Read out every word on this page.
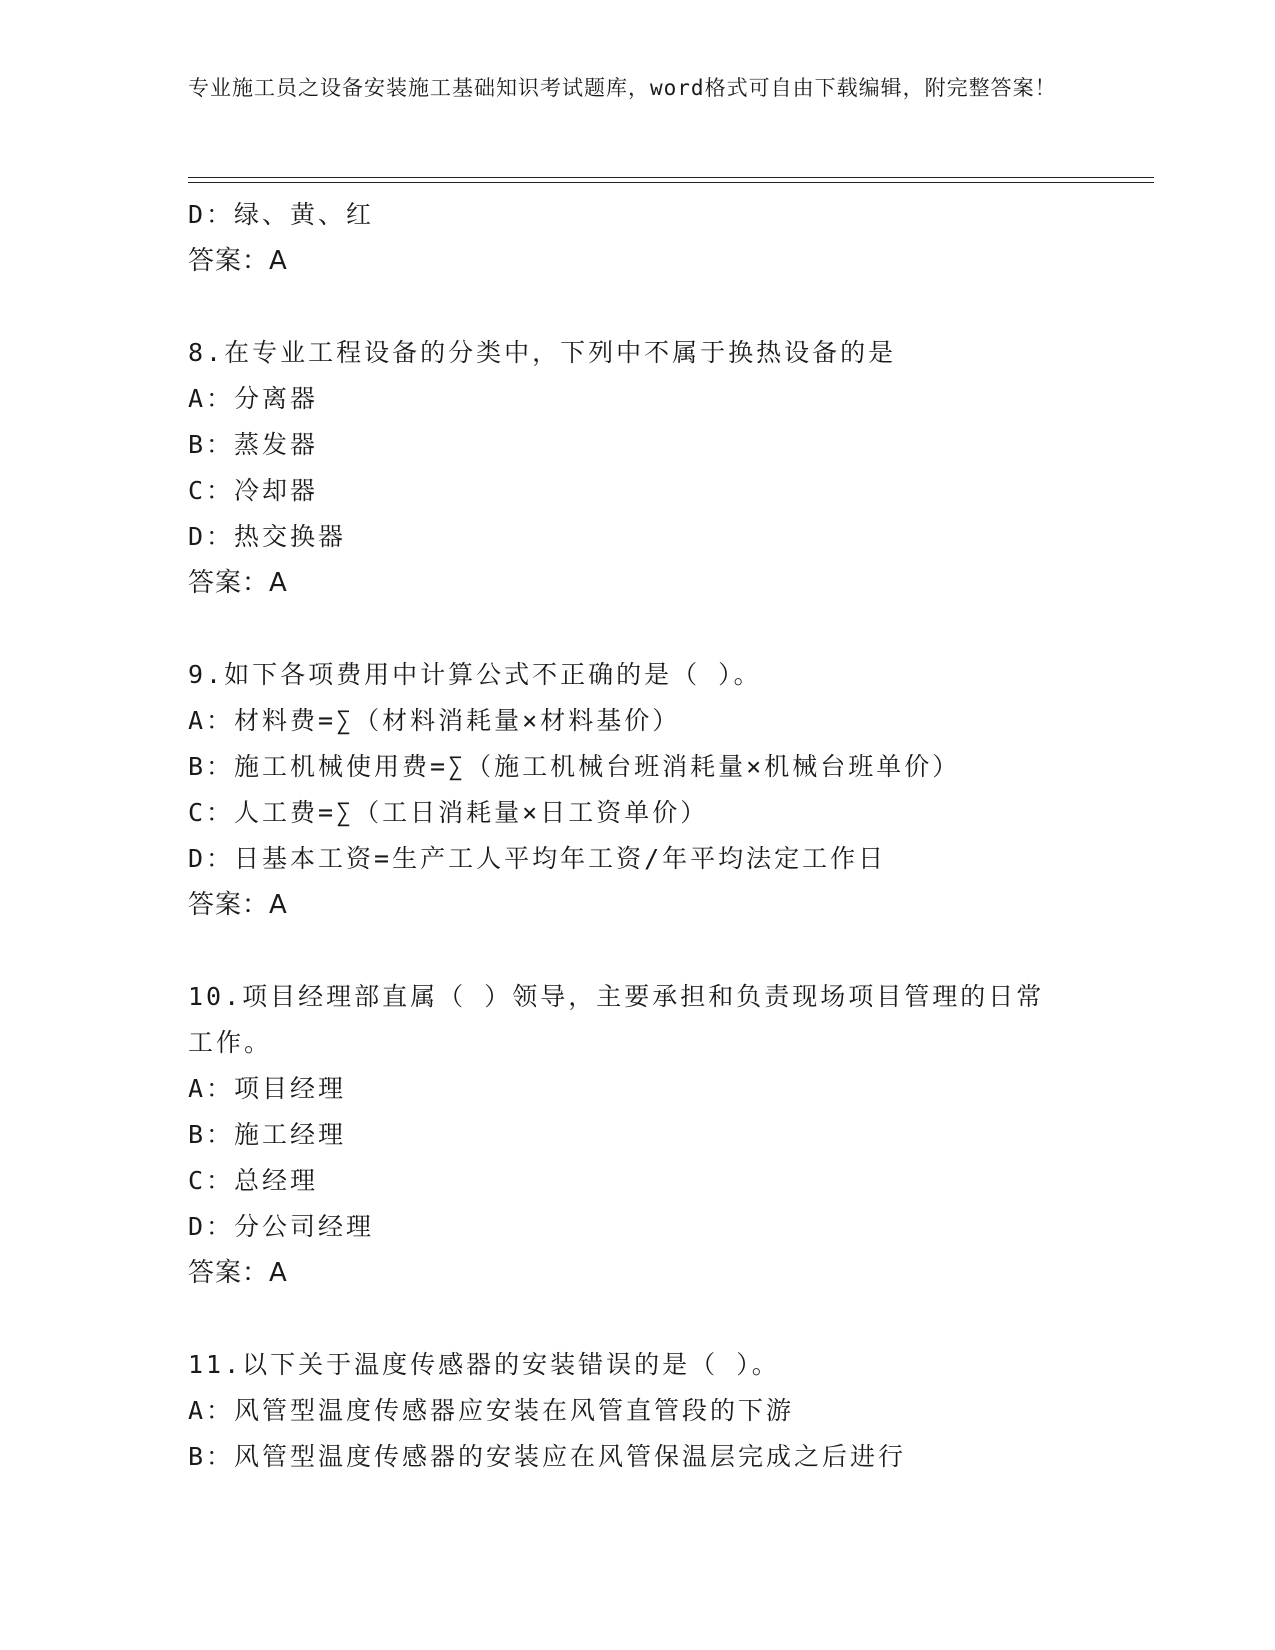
专业施工员之设备安装施工基础知识考试题库，word格式可自由下载编辑，附完整答案！
D：绿、黄、红
答案：A
8.在专业工程设备的分类中，下列中不属于换热设备的是
A：分离器
B：蒸发器
C：冷却器
D：热交换器
答案：A
9.如下各项费用中计算公式不正确的是（ ）。
A：材料费=∑（材料消耗量×材料基价）
B：施工机械使用费=∑（施工机械台班消耗量×机械台班单价）
C：人工费=∑（工日消耗量×日工资单价）
D：日基本工资=生产工人平均年工资/年平均法定工作日
答案：A
10.项目经理部直属（ ）领导，主要承担和负责现场项目管理的日常工作。
A：项目经理
B：施工经理
C：总经理
D：分公司经理
答案：A
11.以下关于温度传感器的安装错误的是（ ）。
A：风管型温度传感器应安装在风管直管段的下游
B：风管型温度传感器的安装应在风管保温层完成之后进行
